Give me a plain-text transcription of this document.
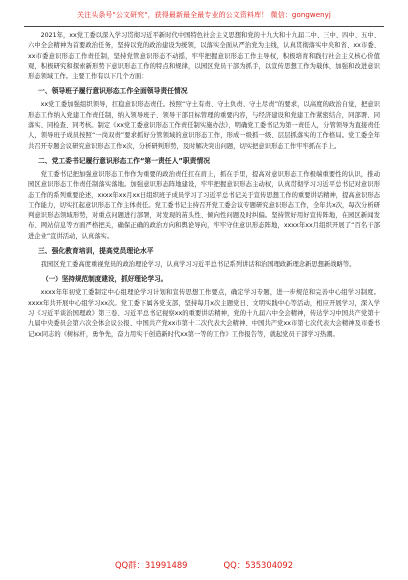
关注头条号"公文研究"，获得最新最全最专业的公文资料库！ 微信：gongwenyj

2021年，xx党工委以深入学习贯彻习近平新时代中国特色社会主义思想和党的十九大和十九届二中、三中、四中、五中、六中全会精神为首要政治任务，坚持以党的政治建设为统领，以落实全面从严治党为主线，认真贯彻落实中央和省、xx市委、xx市委意识形态工作责任制，坚持党管意识形态不动摇，牢牢把握意识形态工作主导权，积极培育和践行社会主义核心价值观，积极研究和探索新形势下意识形态工作的特点和规律，以园区党员干部为抓手，以宣传思想工作为载体，加强和改进意识形态领域工作。主要工作有以下几个方面：

一、领导班子履行意识形态工作全面领导责任情况

xx党工委加强组织领导，扛稳意识形态责任。按照“守土有责、守土负责、守土尽责”的要求，以高度的政治自觉，把意识形态工作纳入党建工作责任制，纳入领导班子、领导干部目标管理的重要内容，与经济建设和党建工作紧密结合，同部署、同落实、同检查、同考核。制定《xx党工委意识形态工作责任制实施办法》，明确党工委书记为第一责任人，分管领导为直接责任人，领导班子成员按照“一岗双责”要求抓好分管领域的意识形态工作，形成一级抓一级、层层抓落实的工作格局。党工委全年共召开专题会议研究意识形态工作x次，分析研判形势，及时解决突出问题，切实把意识形态工作牢牢抓在手上。

二、党工委书记履行意识形态工作“第一责任人”职责情况

党工委书记把加强意识形态工作作为重要的政治责任扛在肩上，抓在手里，提高对意识形态工作极端重要性的认识，推动园区意识形态工作责任制落实落地。加强意识形态阵地建设，牢牢把握意识形态主动权，认真贯彻学习习近平总书记对意识形态工作的系列重要论述，xxxx年xx月xx日组织班子成员学习了习近平总书记关于宣传思想工作的重要讲话精神，提高意识形态工作能力，切实扛起意识形态工作主体责任。党工委书记主持召开党工委会议专题研究意识形态工作，全年共x次，每次分析研判意识形态领域形势，对重点问题进行部署，对发现的苗头性、倾向性问题及时纠偏。坚持管好用好宣传阵地，在园区新闻发布、网站信息等方面严格把关，确保正确的政治方向和舆论导向，牢牢守住意识形态阵地，xxxx年xx月组织开展了“百名干部进企业”宣讲活动，认真落实。

三、强化教育培训，提高党员理论水平

我园区党工委高度重视党员的政治理论学习，认真学习习近平总书记系列讲话和治国理政新理念新思想新战略等。

（一）坚持规范制度建设，抓好理论学习。

xxxx年年初党工委制定中心组理论学习计划和宣传思想工作要点，确定学习专题，进一步规范和完善中心组学习制度。xxxx年共开展中心组学习xx次。党工委下属各党支部，坚持每月x次主题党日、文明实践中心等活动，相应开展学习，深入学习《习近平谈治国理政》第三卷、习近平总书记视察xx的重要讲话精神，党的十九届六中全会精神，传达学习中国共产党第十九届中央委员会第六次全体会议公报、中国共产党xx市第十二次代表大会精神、中国共产党xx市第七次代表大会精神及市委书记xx同志的《树标杆，勇争先，奋力用实干创造新时代xx第一等的工作》工作报告等，就起党员干部学习热潮。

QQ群：31991489	QQ：535304092
